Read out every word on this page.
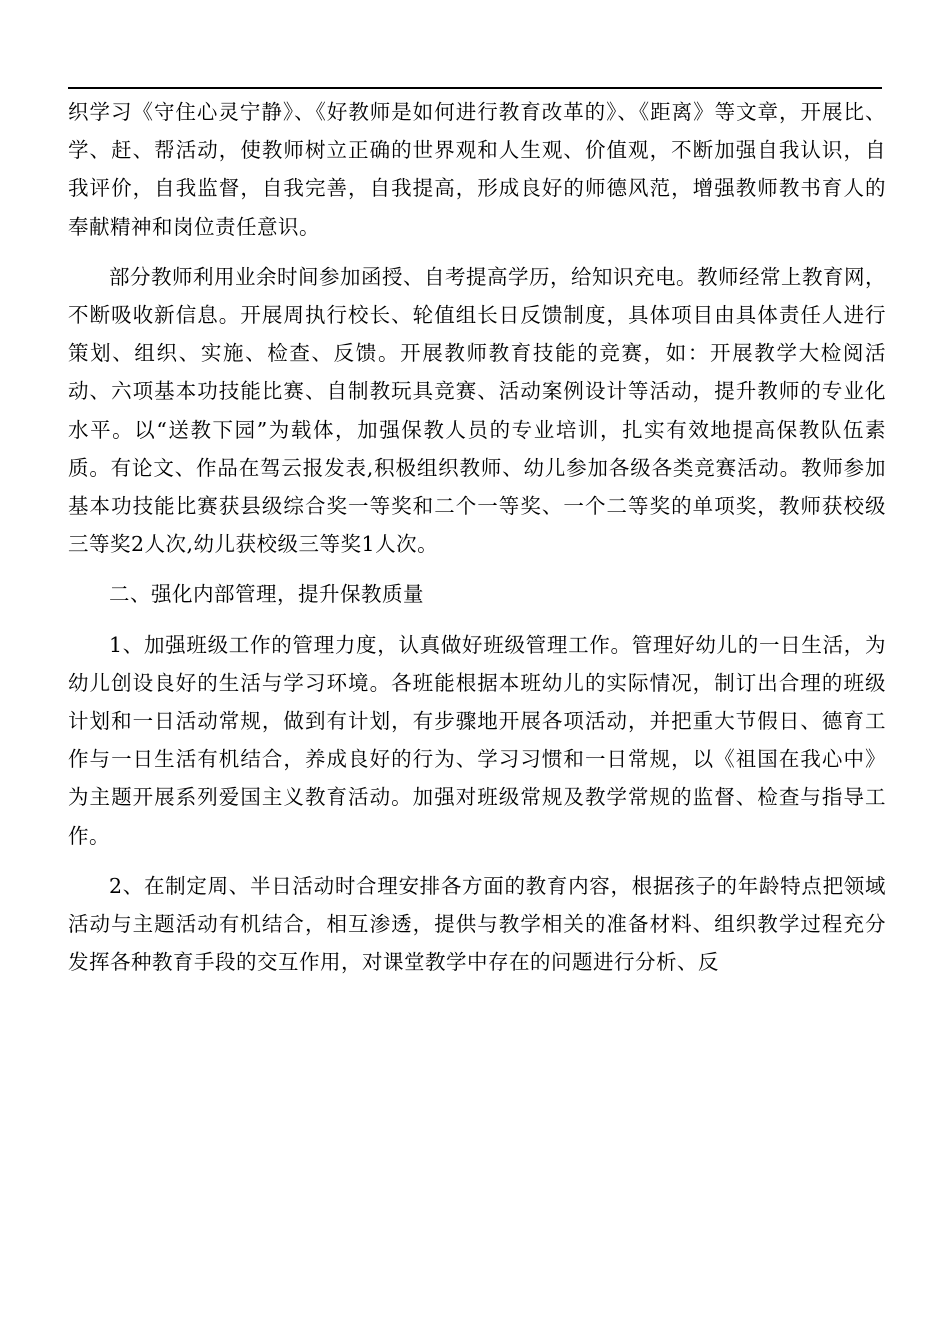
织学习《守住心灵宁静》、《好教师是如何进行教育改革的》、《距离》等文章，开展比、学、赶、帮活动，使教师树立正确的世界观和人生观、价值观，不断加强自我认识，自我评价，自我监督，自我完善，自我提高，形成良好的师德风范，增强教师教书育人的奉献精神和岗位责任意识。

部分教师利用业余时间参加函授、自考提高学历，给知识充电。教师经常上教育网，不断吸收新信息。开展周执行校长、轮值组长日反馈制度，具体项目由具体责任人进行策划、组织、实施、检查、反馈。开展教师教育技能的竞赛，如：开展教学大检阅活动、六项基本功技能比赛、自制教玩具竞赛、活动案例设计等活动，提升教师的专业化水平。以“送教下园”为载体，加强保教人员的专业培训，扎实有效地提高保教队伍素质。有论文、作品在驾云报发表,积极组织教师、幼儿参加各级各类竞赛活动。教师参加基本功技能比赛获县级综合奖一等奖和二个一等奖、一个二等奖的单项奖，教师获校级三等奖2人次,幼儿获校级三等奖1人次。

二、强化内部管理，提升保教质量

1、加强班级工作的管理力度，认真做好班级管理工作。管理好幼儿的一日生活，为幼儿创设良好的生活与学习环境。各班能根据本班幼儿的实际情况，制订出合理的班级计划和一日活动常规，做到有计划，有步骤地开展各项活动，并把重大节假日、德育工作与一日生活有机结合，养成良好的行为、学习习惯和一日常规，以《祖国在我心中》为主题开展系列爱国主义教育活动。加强对班级常规及教学常规的监督、检查与指导工作。

2、在制定周、半日活动时合理安排各方面的教育内容，根据孩子的年龄特点把领域活动与主题活动有机结合，相互渗透，提供与教学相关的准备材料、组织教学过程充分发挥各种教育手段的交互作用，对课堂教学中存在的问题进行分析、反
